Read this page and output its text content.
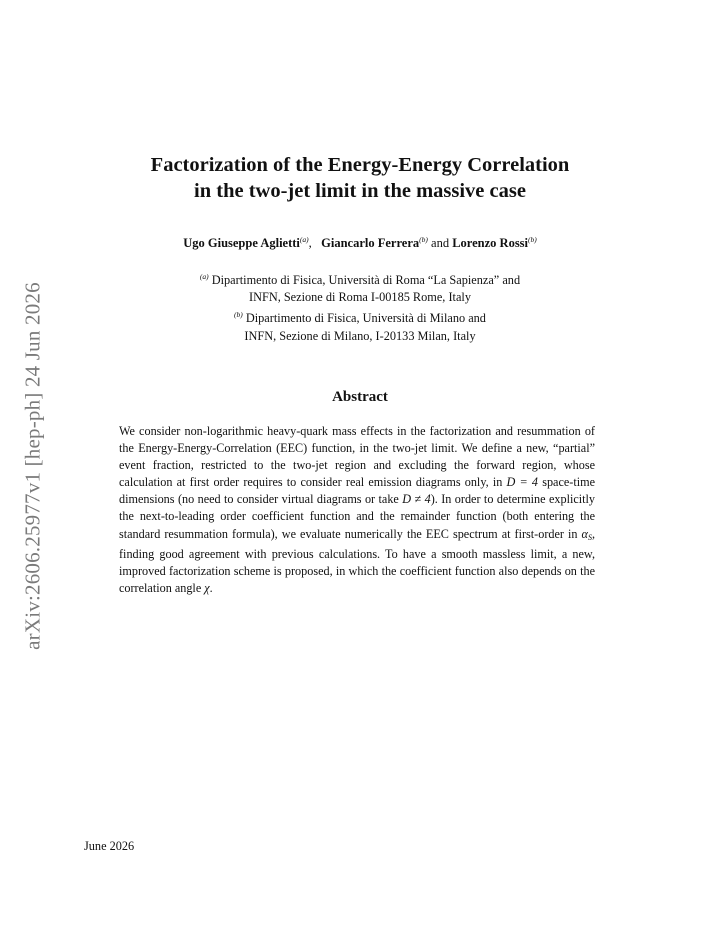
arXiv:2606.25977v1 [hep-ph] 24 Jun 2026
Factorization of the Energy-Energy Correlation
in the two-jet limit in the massive case
Ugo Giuseppe Aglietti$^{(a)}$, Giancarlo Ferrera$^{(b)}$ and Lorenzo Rossi$^{(b)}$
$^{(a)}$ Dipartimento di Fisica, Università di Roma “La Sapienza” and
INFN, Sezione di Roma I-00185 Rome, Italy
$^{(b)}$ Dipartimento di Fisica, Università di Milano and
INFN, Sezione di Milano, I-20133 Milan, Italy
Abstract

We consider non-logarithmic heavy-quark mass effects in the factorization and resummation of the Energy-Energy-Correlation (EEC) function, in the two-jet limit. We define a new, “partial” event fraction, restricted to the two-jet region and excluding the forward region, whose calculation at first order requires to consider real emission diagrams only, in D = 4 space-time dimensions (no need to consider virtual diagrams or take D ≠ 4). In order to determine explicitly the next-to-leading order coefficient function and the remainder function (both entering the standard resummation formula), we evaluate numerically the EEC spectrum at first-order in $\alpha_S$, finding good agreement with previous calculations. To have a smooth massless limit, a new, improved factorization scheme is proposed, in which the coefficient function also depends on the correlation angle χ.

June 2026
